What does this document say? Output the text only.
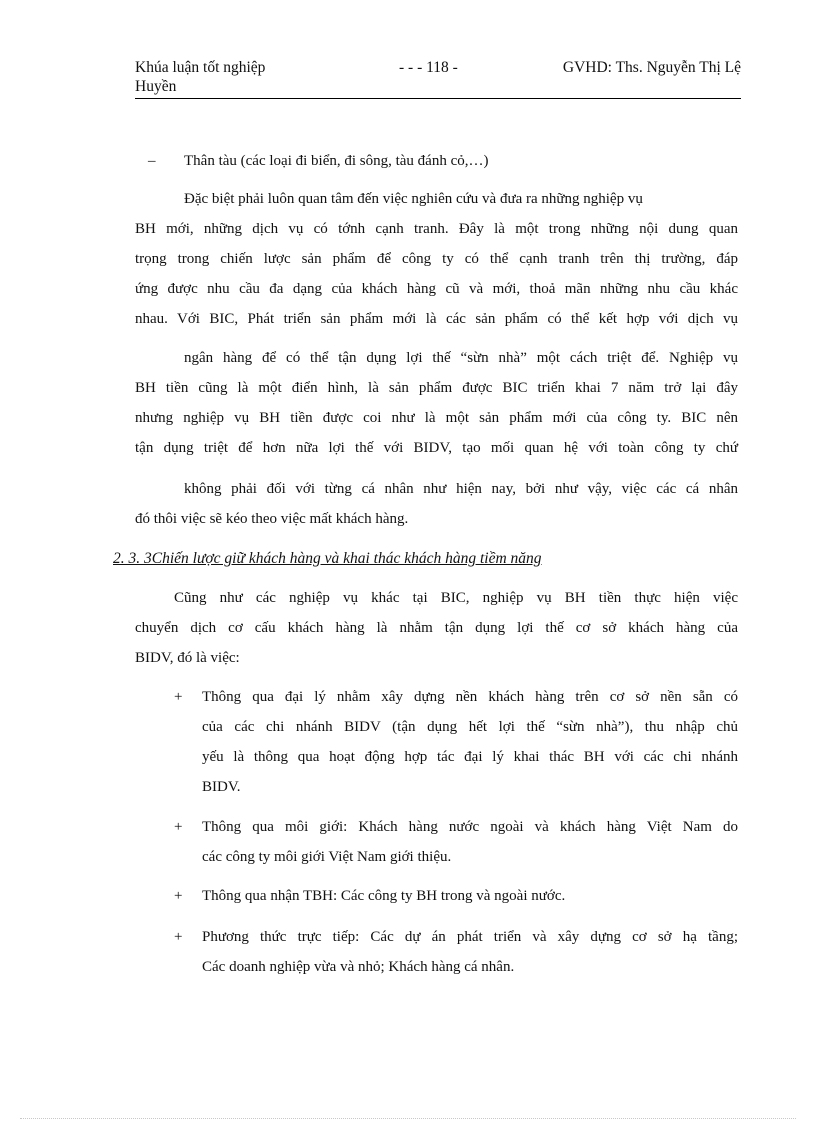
Khúa luận tốt nghiệp	- - - 118 -	GVHD: Ths. Nguyễn Thị Lệ
Huyền
– Thân tàu (các loại đi biển, đi sông, tàu đánh cỏ,…)
Đặc biệt phải luôn quan tâm đến việc nghiên cứu và đưa ra những nghiệp vụ
BH mới, những dịch vụ có tớnh cạnh tranh. Đây là một trong những nội dung quan
trọng trong chiến lược sản phẩm để công ty có thể cạnh tranh trên thị trường, đáp
ứng được nhu cầu đa dạng của khách hàng cũ và mới, thoả mãn những nhu cầu khác
nhau. Với BIC, Phát triển sản phẩm mới là các sản phẩm có thể kết hợp với dịch vụ
ngân hàng để có thể tận dụng lợi thế “sừn nhà” một cách triệt để. Nghiệp vụ
BH tiền cũng là một điển hình, là sản phẩm được BIC triển khai 7 năm trở lại đây
nhưng nghiệp vụ BH tiền được coi như là một sản phẩm mới của công ty. BIC nên
tận dụng triệt để hơn nữa lợi thế với BIDV, tạo mối quan hệ với toàn công ty chứ
không phải đối với từng cá nhân như hiện nay, bởi như vậy, việc các cá nhân
đó thôi việc sẽ kéo theo việc mất khách hàng.
2. 3. 3Chiến lược giữ khách hàng và khai thác khách hàng tiềm năng
Cũng như các nghiệp vụ khác tại BIC, nghiệp vụ BH tiền thực hiện việc
chuyển dịch cơ cấu khách hàng là nhằm tận dụng lợi thế cơ sở khách hàng của
BIDV, đó là việc:
+ Thông qua đại lý nhằm xây dựng nền khách hàng trên cơ sở nền sẵn có
của các chi nhánh BIDV (tận dụng hết lợi thế “sừn nhà”), thu nhập chủ
yếu là thông qua hoạt động hợp tác đại lý khai thác BH với các chi nhánh
BIDV.
+ Thông qua môi giới: Khách hàng nước ngoài và khách hàng Việt Nam do
các công ty môi giới Việt Nam giới thiệu.
+ Thông qua nhận TBH: Các công ty BH trong và ngoài nước.
+ Phương thức trực tiếp: Các dự án phát triển và xây dựng cơ sở hạ tầng;
Các doanh nghiệp vừa và nhỏ; Khách hàng cá nhân.
